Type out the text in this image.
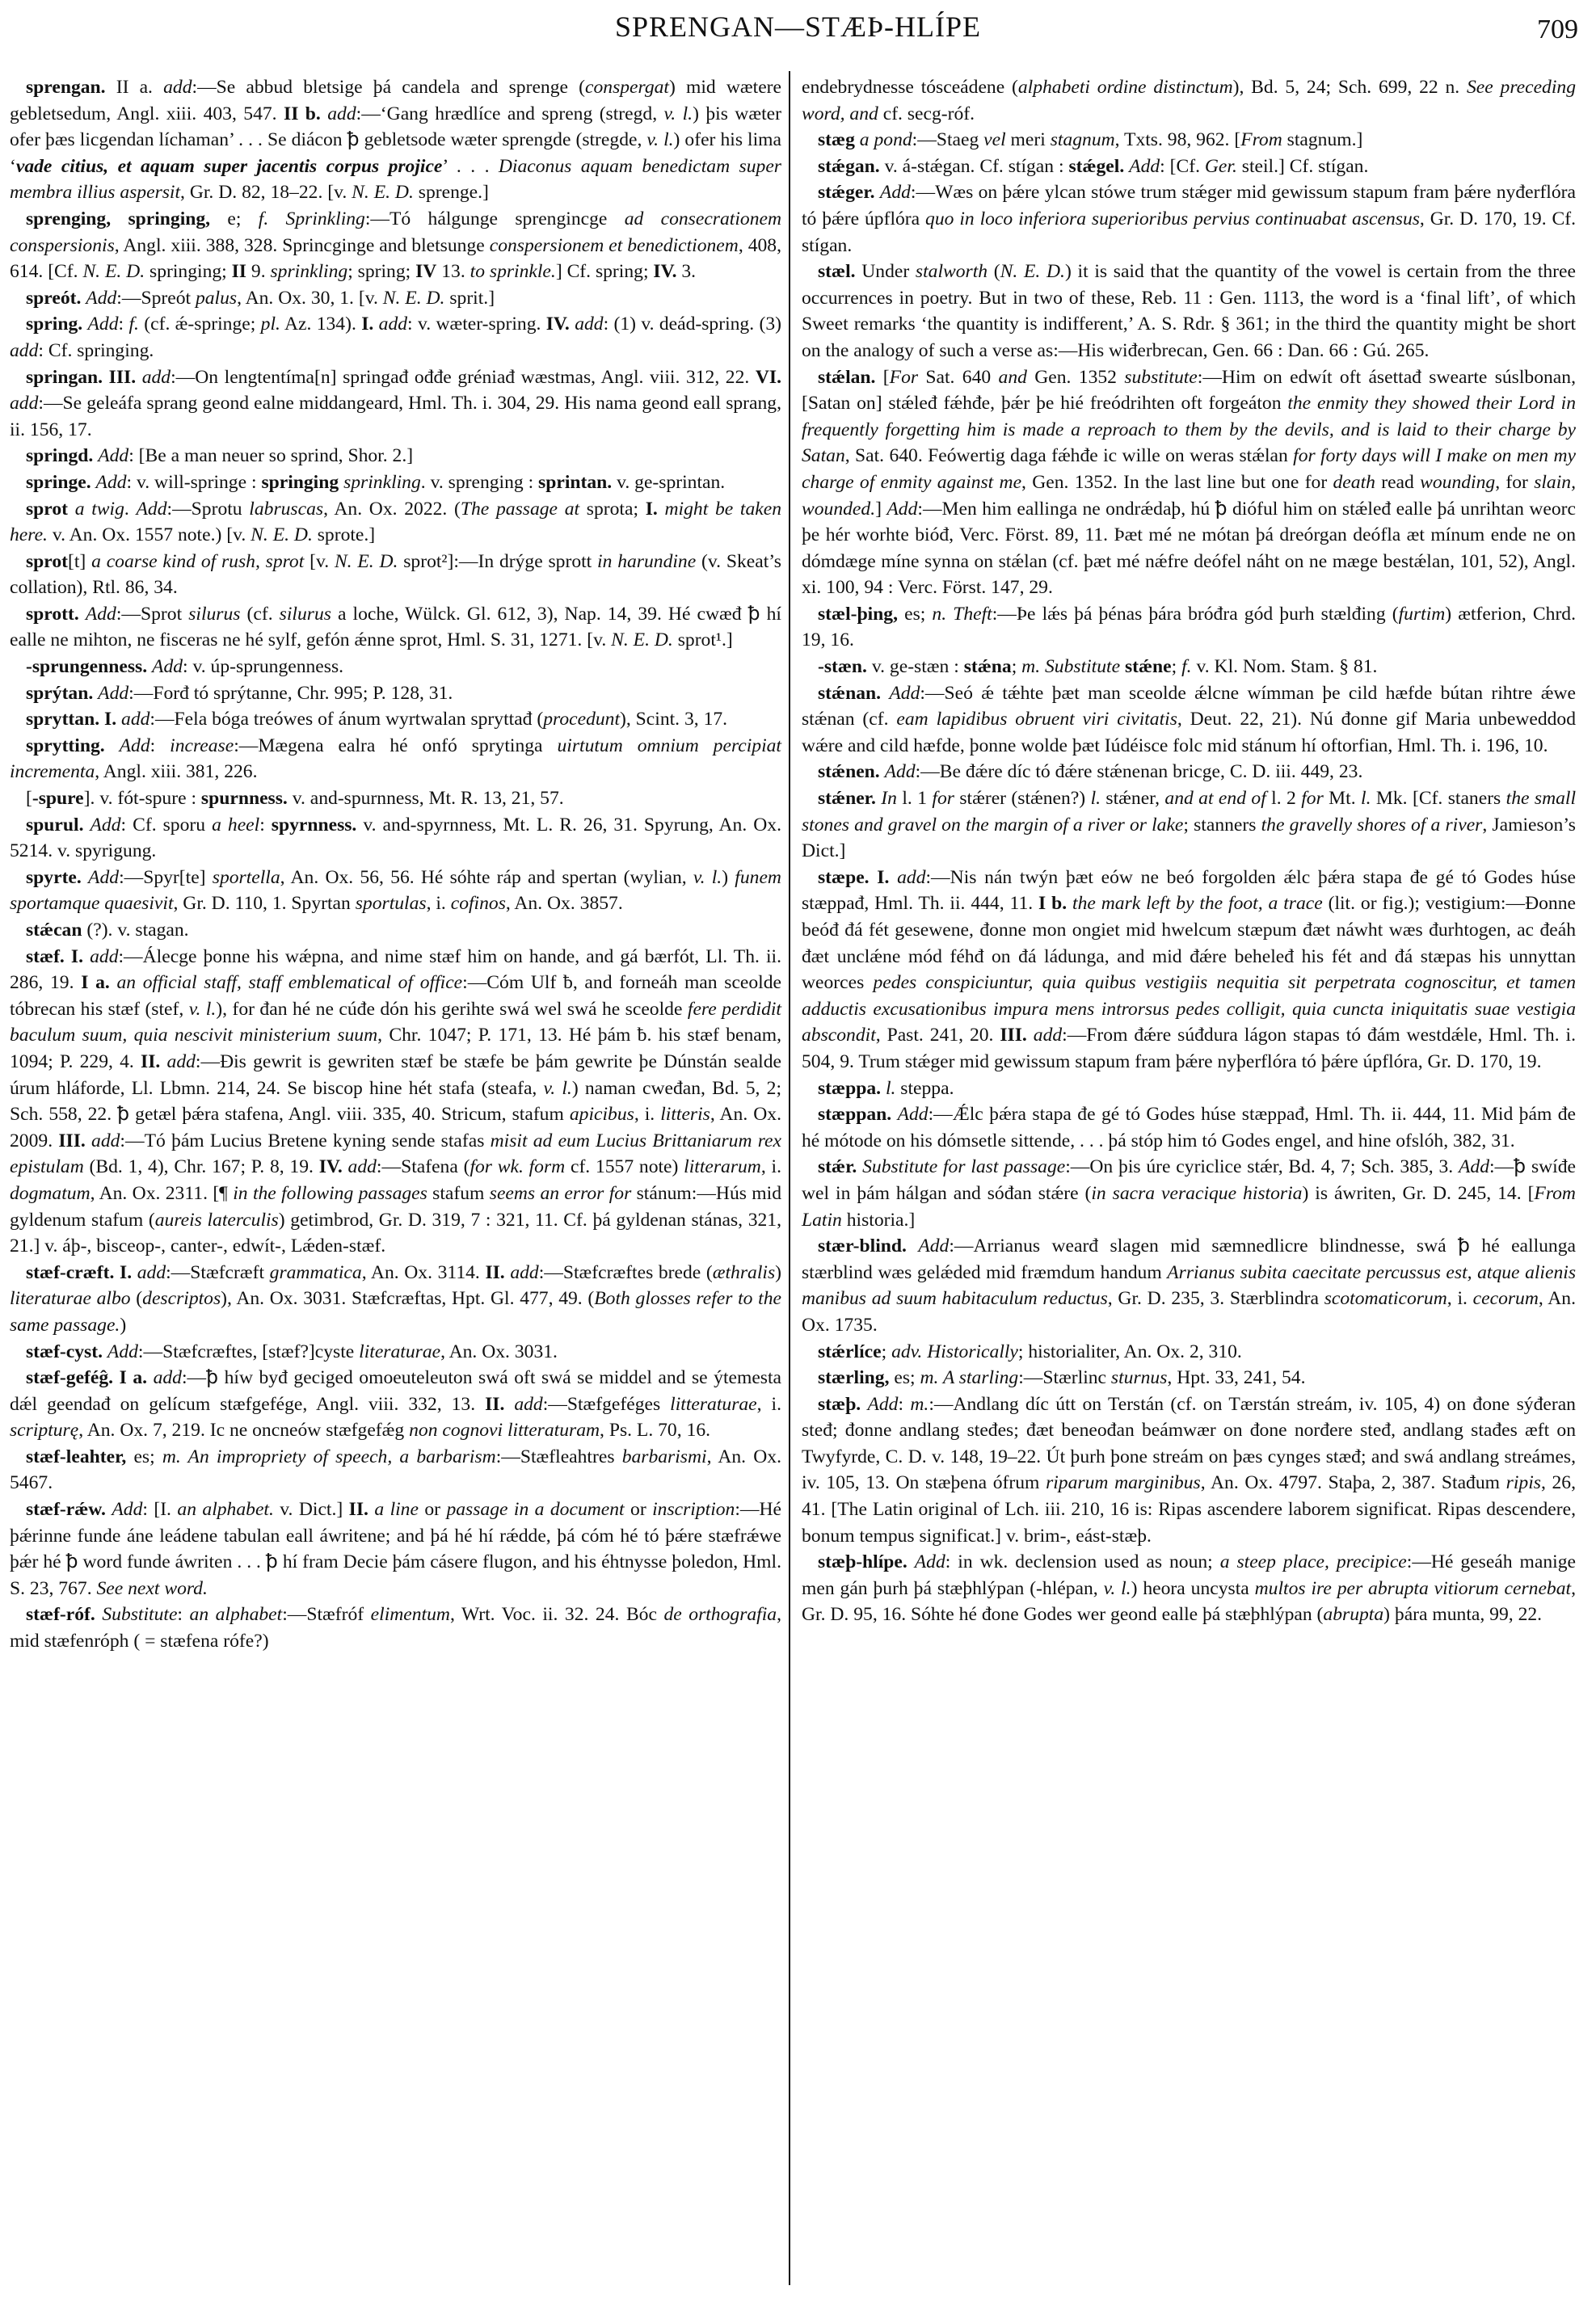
SPRENGAN—STÆÞ-HLÍPE	709

sprengan. II a. add:—Se abbud bletsige þá candela and sprenge (conspergat) mid wætere gebletsedum, Angl. xiii. 403, 547. II b. add:—‘Gang hrædlíce and spreng (stregd, v. l.) þis wæter ofer þæs licgendan líchaman’ . . . Se diácon ꝥ gebletsode wæter sprengde (stregde, v. l.) ofer his lima ‘vade citius, et aquam super jacentis corpus projice’ . . . Diaconus aquam benedictam super membra illius aspersit, Gr. D. 82, 18–22. [v. N. E. D. sprenge.]

sprenging, springing, e; f. Sprinkling:—Tó hálgunge sprengincge ad consecrationem conspersionis, Angl. xiii. 388, 328. Sprincginge and bletsunge conspersionem et benedictionem, 408, 614. [Cf. N. E. D. springing; II 9. sprinkling; spring; IV 13. to sprinkle.] Cf. spring; IV. 3.

spreót. Add:—Spreót palus, An. Ox. 30, 1. [v. N. E. D. sprit.]

spring. Add: f. (cf. ǽ-springe; pl. Az. 134). I. add: v. wæter-spring. IV. add: (1) v. deád-spring. (3) add: Cf. springing.

springan. III. add:—On lengtentíma[n] springađ ođđe gréniađ wæstmas, Angl. viii. 312, 22. VI. add:—Se geleáfa sprang geond ealne middangeard, Hml. Th. i. 304, 29. His nama geond eall sprang, ii. 156, 17.

springd. Add: [Be a man neuer so sprind, Shor. 2.]

springe. Add: v. will-springe : springing sprinkling. v. sprenging : sprintan. v. ge-sprintan.

sprot a twig. Add:—Sprotu labruscas, An. Ox. 2022. (The passage at sprota; I. might be taken here. v. An. Ox. 1557 note.) [v. N. E. D. sprote.]

sprot[t] a coarse kind of rush, sprot [v. N. E. D. sprot²]:—In drýge sprott in harundine (v. Skeat’s collation), Rtl. 86, 34.

sprott. Add:—Sprot silurus (cf. silurus a loche, Wülck. Gl. 612, 3), Nap. 14, 39. Hé cwæđ ꝥ hí ealle ne mihton, ne fisceras ne hé sylf, gefón ǽnne sprot, Hml. S. 31, 1271. [v. N. E. D. sprot¹.]

-sprungenness. Add: v. úp-sprungenness.

sprýtan. Add:—Forđ tó sprýtanne, Chr. 995; P. 128, 31.

spryttan. I. add:—Fela bóga treówes of ánum wyrtwalan spryttađ (procedunt), Scint. 3, 17.

sprytting. Add: increase:—Mægena ealra hé onfó sprytinga uirtutum omnium percipiat incrementa, Angl. xiii. 381, 226.

[-spure]. v. fót-spure : spurnness. v. and-spurnness, Mt. R. 13, 21, 57.

spurul. Add: Cf. sporu a heel: spyrnness. v. and-spyrnness, Mt. L. R. 26, 31. Spyrung, An. Ox. 5214. v. spyrigung.

spyrte. Add:—Spyr[te] sportella, An. Ox. 56, 56. Hé sóhte ráp and spertan (wylian, v. l.) funem sportamque quaesivit, Gr. D. 110, 1. Spyrtan sportulas, i. cofinos, An. Ox. 3857.

stǽcan (?). v. stagan.

stæf. I. add:—Álecge þonne his wǽpna, and nime stæf him on hande, and gá bærfót, Ll. Th. ii. 286, 19. I a. an official staff, staff emblematical of office:—Cóm Ulf ƀ, and forneáh man sceolde tóbrecan his stæf (stef, v. l.), for đan hé ne cúđe dón his gerihte swá wel swá he sceolde fere perdidit baculum suum, quia nescivit ministerium suum, Chr. 1047; P. 171, 13. Hé þám ƀ. his stæf benam, 1094; P. 229, 4. II. add:—Đis gewrit is gewriten stæf be stæfe be þám gewrite þe Dúnstán sealde úrum hláforde, Ll. Lbmn. 214, 24. Se biscop hine hét stafa (steafa, v. l.) naman cweđan, Bd. 5, 2; Sch. 558, 22. ꝥ getæl þǽra stafena, Angl. viii. 335, 40. Stricum, stafum apicibus, i. litteris, An. Ox. 2009. III. add:—Tó þám Lucius Bretene kyning sende stafas misit ad eum Lucius Brittaniarum rex epistulam (Bd. 1, 4), Chr. 167; P. 8, 19. IV. add:—Stafena (for wk. form cf. 1557 note) litterarum, i. dogmatum, An. Ox. 2311. [¶ in the following passages stafum seems an error for stánum:—Hús mid gyldenum stafum (aureis laterculis) getimbrod, Gr. D. 319, 7 : 321, 11. Cf. þá gyldenan stánas, 321, 21.] v. áþ-, bisceop-, canter-, edwít-, Lǽden-stæf.

stæf-cræft. I. add:—Stæfcræft grammatica, An. Ox. 3114. II. add:—Stæfcræftes brede (æthralis) literaturae albo (descriptos), An. Ox. 3031. Stæfcræftas, Hpt. Gl. 477, 49. (Both glosses refer to the same passage.)

stæf-cyst. Add:—Stæfcræftes, [stæf?]cyste literaturae, An. Ox. 3031.

stæf-geféĝ. I a. add:—ꝥ híw byđ geciged omoeuteleuton swá oft swá se middel and se ýtemesta dǽl geendađ on gelícum stæfgefége, Angl. viii. 332, 13. II. add:—Stæfgeféges litteraturae, i. scripturę, An. Ox. 7, 219. Ic ne oncneów stæfgefǽg non cognovi litteraturam, Ps. L. 70, 16.

stæf-leahter, es; m. An impropriety of speech, a barbarism:—Stæfleahtres barbarismi, An. Ox. 5467.

stæf-rǽw. Add: [I. an alphabet. v. Dict.] II. a line or passage in a document or inscription:—Hé þǽrinne funde áne leádene tabulan eall áwritene; and þá hé hí rǽdde, þá cóm hé tó þǽre stæfrǽwe þǽr hé ꝥ word funde áwriten . . . ꝥ hí fram Decie þám cásere flugon, and his éhtnysse þoledon, Hml. S. 23, 767. See next word.

stæf-róf. Substitute: an alphabet:—Stæfróf elimentum, Wrt. Voc. ii. 32. 24. Bóc de orthografia, mid stæfenróph ( = stæfena rófe?)

endebrydnesse tósceádene (alphabeti ordine distinctum), Bd. 5, 24; Sch. 699, 22 n. See preceding word, and cf. secg-róf.

stæg a pond:—Staeg vel meri stagnum, Txts. 98, 962. [From stagnum.]

stǽgan. v. á-stǽgan. Cf. stígan : stǽgel. Add: [Cf. Ger. steil.] Cf. stígan.

stǽger. Add:—Wæs on þǽre ylcan stówe trum stǽger mid gewissum stapum fram þǽre nyđerflóra tó þǽre úpflóra quo in loco inferiora superioribus pervius continuabat ascensus, Gr. D. 170, 19. Cf. stígan.

stæl. Under stalworth (N. E. D.) it is said that the quantity of the vowel is certain from the three occurrences in poetry. But in two of these, Reb. 11 : Gen. 1113, the word is a ‘final lift’, of which Sweet remarks ‘the quantity is indifferent,’ A. S. Rdr. § 361; in the third the quantity might be short on the analogy of such a verse as:—His wiđerbrecan, Gen. 66 : Dan. 66 : Gú. 265.

stǽlan. [For Sat. 640 and Gen. 1352 substitute:—Him on edwít oft ásettađ swearte súslbonan, [Satan on] stǽleđ fǽhđe, þǽr þe hié freódrihten oft forgeáton the enmity they showed their Lord in frequently forgetting him is made a reproach to them by the devils, and is laid to their charge by Satan, Sat. 640. Feówertig daga fǽhđe ic wille on weras stǽlan for forty days will I make on men my charge of enmity against me, Gen. 1352. In the last line but one for death read wounding, for slain, wounded.] Add:—Men him eallinga ne ondrǽdaþ, hú ꝥ dióful him on stǽleđ ealle þá unrihtan weorc þe hér worhte bióđ, Verc. Först. 89, 11. Þæt mé ne mótan þá dreórgan deófla æt mínum ende ne on dómdæge míne synna on stǽlan (cf. þæt mé nǽfre deófel náht on ne mæge bestǽlan, 101, 52), Angl. xi. 100, 94 : Verc. Först. 147, 29.

stæl-þing, es; n. Theft:—Þe lǽs þá þénas þára bróđra gód þurh stælđing (furtim) ætferion, Chrd. 19, 16.

-stæn. v. ge-stæn : stǽna; m. Substitute stǽne; f. v. Kl. Nom. Stam. § 81.

stǽnan. Add:—Seó ǽ tǽhte þæt man sceolde ǽlcne wímman þe cild hæfde bútan rihtre ǽwe stǽnan (cf. eam lapidibus obruent viri civitatis, Deut. 22, 21). Nú đonne gif Maria unbeweddod wǽre and cild hæfde, þonne wolde þæt Iúdéisce folc mid stánum hí oftorfian, Hml. Th. i. 196, 10.

stǽnen. Add:—Be đǽre díc tó đǽre stǽnenan bricge, C. D. iii. 449, 23.

stǽner. In l. 1 for stǽrer (stǽnen?) l. stǽner, and at end of l. 2 for Mt. l. Mk. [Cf. staners the small stones and gravel on the margin of a river or lake; stanners the gravelly shores of a river, Jamieson’s Dict.]

stæpe. I. add:—Nis nán twýn þæt eów ne beó forgolden ǽlc þǽra stapa đe gé tó Godes húse stæppađ, Hml. Th. ii. 444, 11. I b. the mark left by the foot, a trace (lit. or fig.); vestigium:—Đonne beóđ đá fét gesewene, đonne mon ongiet mid hwelcum stæpum đæt náwht wæs đurhtogen, ac đeáh đæt unclǽne mód féhđ on đá ládunga, and mid đǽre beheleđ his fét and đá stæpas his unnyttan weorces pedes conspiciuntur, quia quibus vestigiis nequitia sit perpetrata cognoscitur, et tamen adductis excusationibus impura mens introrsus pedes colligit, quia cuncta iniquitatis suae vestigia abscondit, Past. 241, 20. III. add:—From đǽre súđdura lágon stapas tó đám westdǽle, Hml. Th. i. 504, 9. Trum stǽger mid gewissum stapum fram þǽre nyþerflóra tó þǽre úpflóra, Gr. D. 170, 19.

stæppa. l. steppa.

stæppan. Add:—Ǽlc þǽra stapa đe gé tó Godes húse stæppađ, Hml. Th. ii. 444, 11. Mid þám đe hé mótode on his dómsetle sittende, . . . þá stóp him tó Godes engel, and hine ofslóh, 382, 31.

stǽr. Substitute for last passage:—On þis úre cyriclice stǽr, Bd. 4, 7; Sch. 385, 3. Add:—ꝥ swíđe wel in þám hálgan and sóđan stǽre (in sacra veracique historia) is áwriten, Gr. D. 245, 14. [From Latin historia.]

stær-blind. Add:—Arrianus wearđ slagen mid sæmnedlicre blindnesse, swá ꝥ hé eallunga stærblind wæs gelǽded mid fræmdum handum Arrianus subita caecitate percussus est, atque alienis manibus ad suum habitaculum reductus, Gr. D. 235, 3. Stærblindra scotomaticorum, i. cecorum, An. Ox. 1735.

stǽrlíce; adv. Historically; historialiter, An. Ox. 2, 310.

stærling, es; m. A starling:—Stærlinc sturnus, Hpt. 33, 241, 54.

stæþ. Add: m.:—Andlang díc útt on Terstán (cf. on Tærstán streám, iv. 105, 4) on đone sýđeran steđ; đonne andlang steđes; đæt beneođan beámwær on đone norđere steđ, andlang stađes æft on Twyfyrde, C. D. v. 148, 19–22. Út þurh þone streám on þæs cynges stæđ; and swá andlang streámes, iv. 105, 13. On stæþena ófrum riparum marginibus, An. Ox. 4797. Staþa, 2, 387. Stađum ripis, 26, 41. [The Latin original of Lch. iii. 210, 16 is: Ripas ascendere laborem significat. Ripas descendere, bonum tempus significat.] v. brim-, eást-stæþ.

stæþ-hlípe. Add: in wk. declension used as noun; a steep place, precipice:—Hé geseáh manige men gán þurh þá stæþhlýpan (-hlépan, v. l.) heora uncysta multos ire per abrupta vitiorum cernebat, Gr. D. 95, 16. Sóhte hé đone Godes wer geond ealle þá stæþhlýpan (abrupta) þára munta, 99, 22.
